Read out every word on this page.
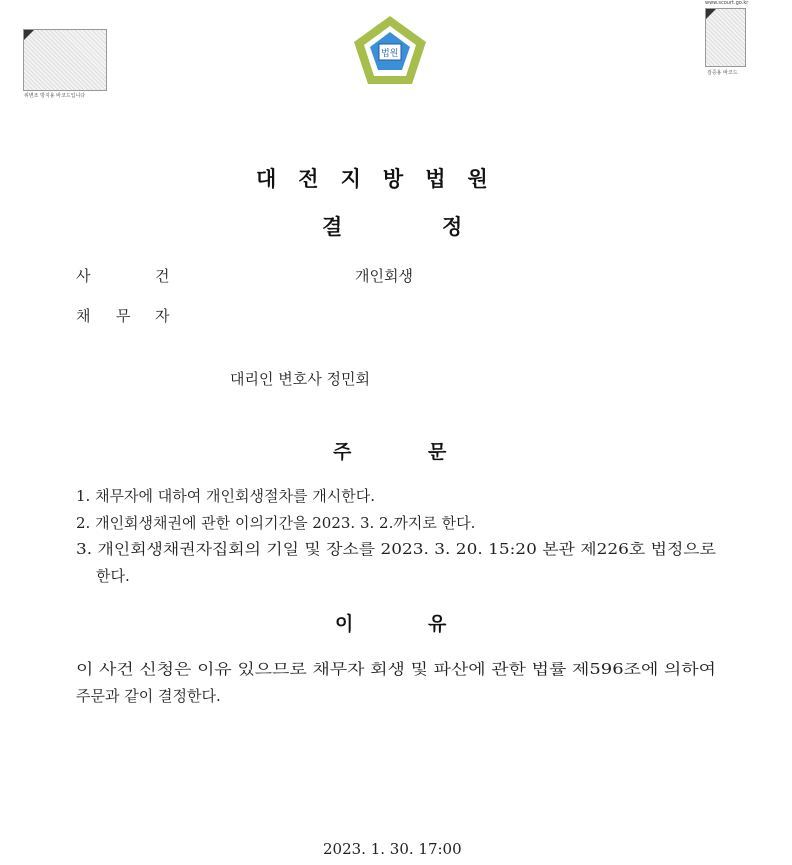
위변조 방지용 바코드입니다
법원
www.scourt.go.kr
검증용 바코드
대 전 지 방 법 원
결	정
사	건	개인회생
채 무 자
대리인 변호사 정민회
주	문
1. 채무자에 대하여 개인회생절차를 개시한다.
2. 개인회생채권에 관한 이의기간을 2023. 3. 2.까지로 한다.
3. 개인회생채권자집회의 기일 및 장소를 2023. 3. 20. 15:20 본관 제226호 법정으로
한다.
이	유
이 사건 신청은 이유 있으므로 채무자 회생 및 파산에 관한 법률 제596조에 의하여
주문과 같이 결정한다.
2023. 1. 30. 17:00
